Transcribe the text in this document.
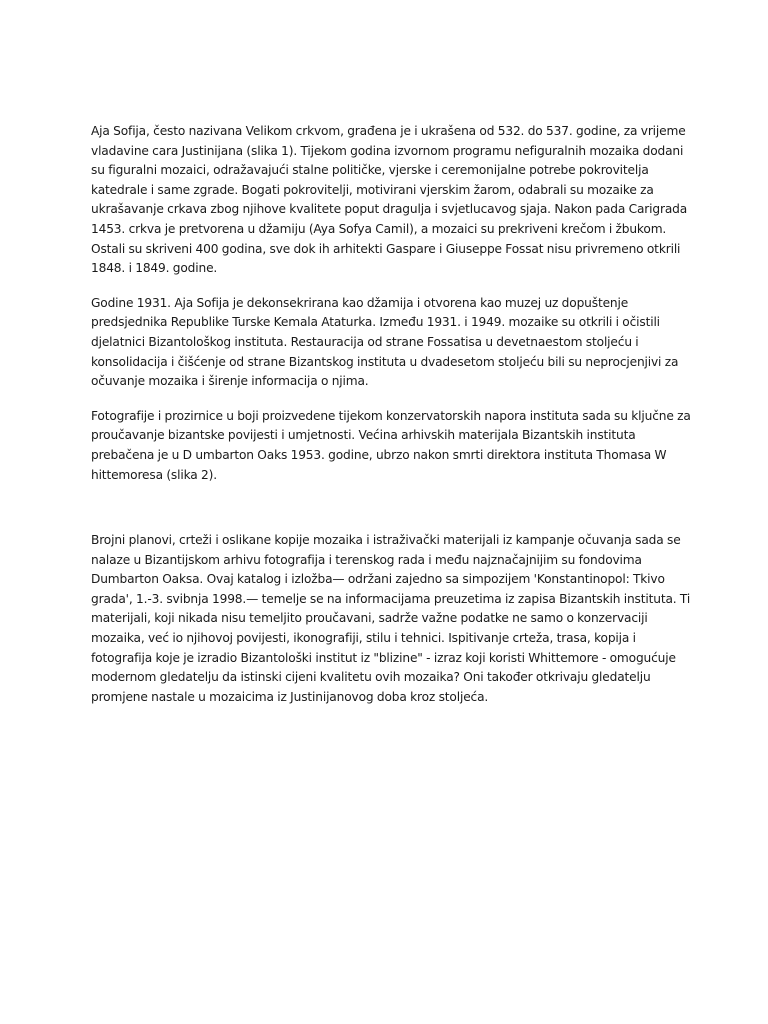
Aja Sofija, često nazivana Velikom crkvom, građena je i ukrašena od 532. do 537. godine, za vrijeme vladavine cara Justinijana (slika 1). Tijekom godina izvornom programu nefiguralnih mozaika dodani su figuralni mozaici, odražavajući stalne političke, vjerske i ceremonijalne potrebe pokrovitelja katedrale i same zgrade. Bogati pokrovitelji, motivirani vjerskim žarom, odabrali su mozaike za ukrašavanje crkava zbog njihove kvalitete poput dragulja i svjetlucavog sjaja. Nakon pada Carigrada 1453. crkva je pretvorena u džamiju (Aya Sofya Camil), a mozaici su prekriveni krečom i žbukom. Ostali su skriveni 400 godina, sve dok ih arhitekti Gaspare i Giuseppe Fossat nisu privremeno otkrili 1848. i 1849. godine.

Godine 1931. Aja Sofija je dekonsekrirana kao džamija i otvorena kao muzej uz dopuštenje predsjednika Republike Turske Kemala Ataturka. Između 1931. i 1949. mozaike su otkrili i očistili djelatnici Bizantološkog instituta. Restauracija od strane Fossatisa u devetnaestom stoljeću i konsolidacija i čišćenje od strane Bizantskog instituta u dvadesetom stoljeću bili su neprocjenjivi za očuvanje mozaika i širenje informacija o njima.

Fotografije i prozirnice u boji proizvedene tijekom konzervatorskih napora instituta sada su ključne za proučavanje bizantske povijesti i umjetnosti. Većina arhivskih materijala Bizantskih instituta prebačena je u D umbarton Oaks 1953. godine, ubrzo nakon smrti direktora instituta Thomasa W hittemoresa (slika 2).

Brojni planovi, crteži i oslikane kopije mozaika i istraživački materijali iz kampanje očuvanja sada se nalaze u Bizantijskom arhivu fotografija i terenskog rada i među najznačajnijim su fondovima Dumbarton Oaksa. Ovaj katalog i izložba— održani zajedno sa simpozijem 'Konstantinopol: Tkivo grada', 1.-3. svibnja 1998.— temelje se na informacijama preuzetima iz zapisa Bizantskih instituta. Ti materijali, koji nikada nisu temeljito proučavani, sadrže važne podatke ne samo o konzervaciji mozaika, već io njihovoj povijesti, ikonografiji, stilu i tehnici. Ispitivanje crteža, trasa, kopija i fotografija koje je izradio Bizantološki institut iz "blizine" - izraz koji koristi Whittemore - omogućuje modernom gledatelju da istinski cijeni kvalitetu ovih mozaika? Oni također otkrivaju gledatelju promjene nastale u mozaicima iz Justinijanovog doba kroz stoljeća.
